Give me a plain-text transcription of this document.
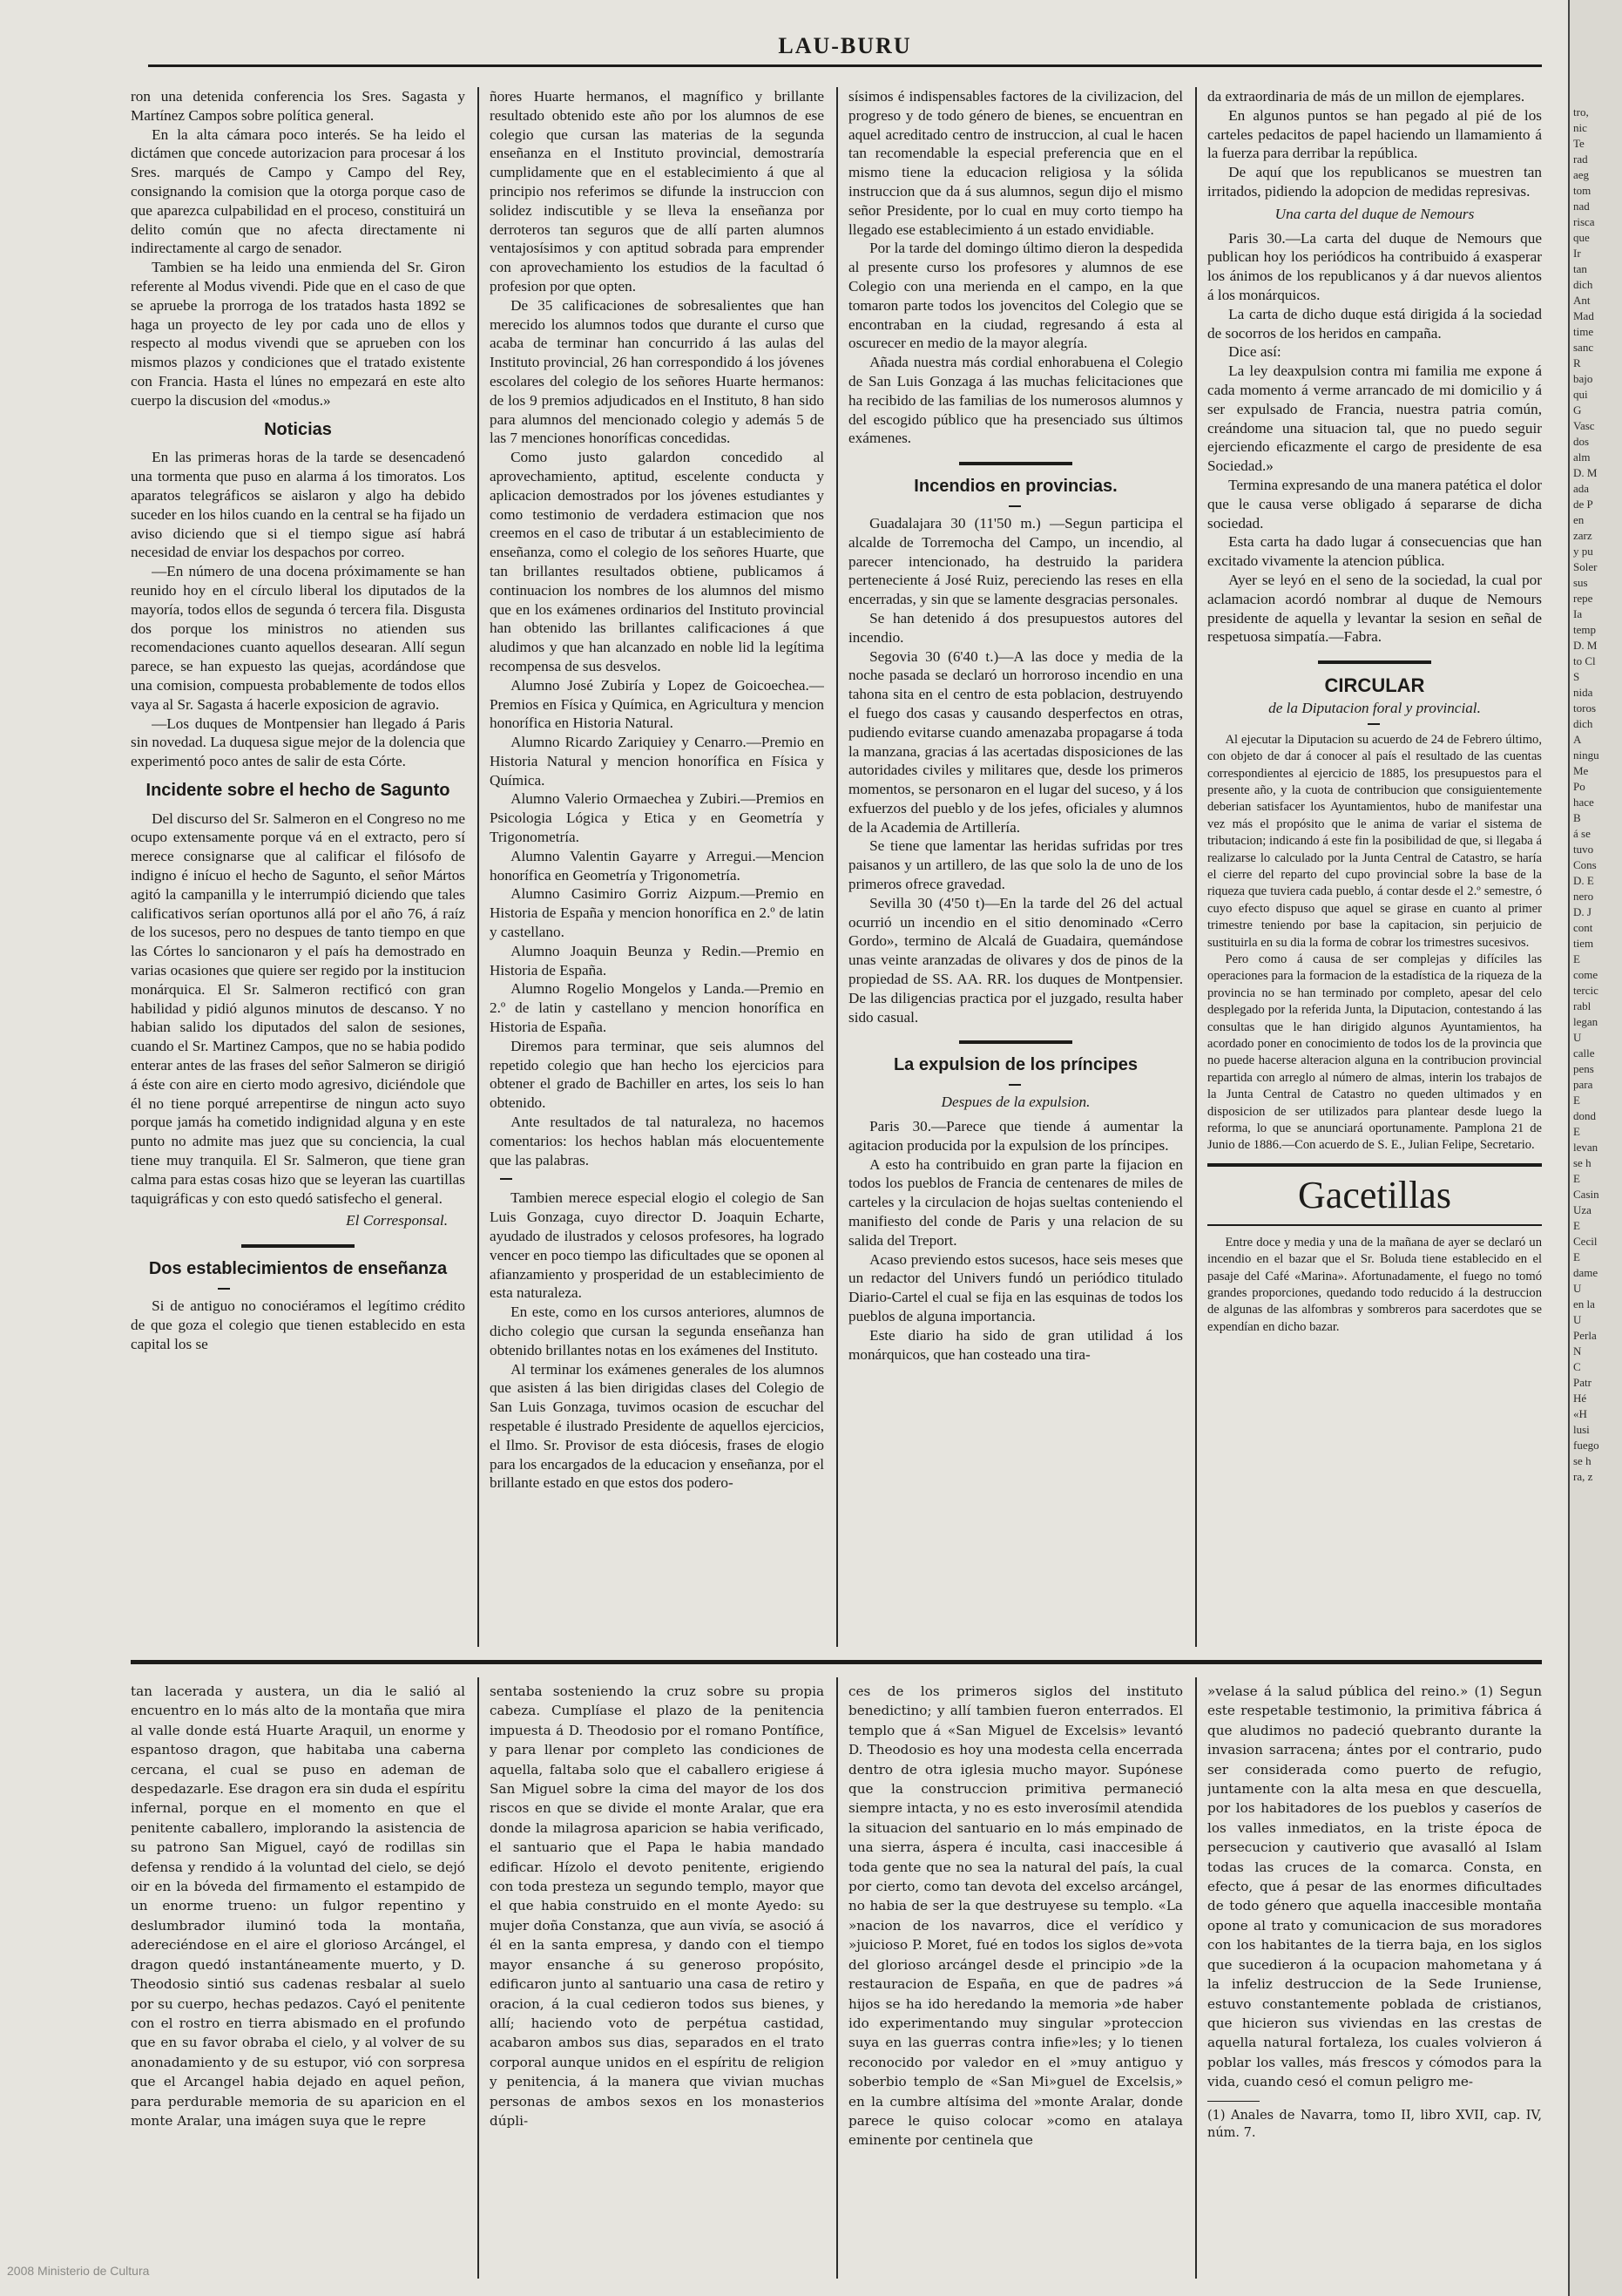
LAU-BURU

ron una detenida conferencia los Sres. Sagasta y Martínez Campos sobre política general.

En la alta cámara poco interés. Se ha leido el dictámen que concede autorizacion para procesar á los Sres. marqués de Campo y Campo del Rey, consignando la comision que la otorga porque caso de que aparezca culpabilidad en el proceso, constituirá un delito común que no afecta directamente ni indirectamente al cargo de senador.

Tambien se ha leido una enmienda del Sr. Giron referente al Modus vivendi. Pide que en el caso de que se apruebe la prorroga de los tratados hasta 1892 se haga un proyecto de ley por cada uno de ellos y respecto al modus vivendi que se aprueben con los mismos plazos y condiciones que el tratado existente con Francia. Hasta el lúnes no empezará en este alto cuerpo la discusion del «modus.»

Noticias

En las primeras horas de la tarde se desencadenó una tormenta que puso en alarma á los timoratos. Los aparatos telegráficos se aislaron y algo ha debido suceder en los hilos cuando en la central se ha fijado un aviso diciendo que si el tiempo sigue así habrá necesidad de enviar los despachos por correo.

—En número de una docena próximamente se han reunido hoy en el círculo liberal los diputados de la mayoría, todos ellos de segunda ó tercera fila. Disgusta dos porque los ministros no atienden sus recomendaciones cuanto aquellos desearan. Allí segun parece, se han expuesto las quejas, acordándose que una comision, compuesta probablemente de todos ellos vaya al Sr. Sagasta á hacerle exposicion de agravio.

—Los duques de Montpensier han llegado á Paris sin novedad. La duquesa sigue mejor de la dolencia que experimentó poco antes de salir de esta Córte.

Incidente sobre el hecho de Sagunto

Del discurso del Sr. Salmeron en el Congreso no me ocupo extensamente porque vá en el extracto, pero sí merece consignarse que al calificar el filósofo de indigno é inícuo el hecho de Sagunto, el señor Mártos agitó la campanilla y le interrumpió diciendo que tales calificativos serían oportunos allá por el año 76, á raíz de los sucesos, pero no despues de tanto tiempo en que las Córtes lo sancionaron y el país ha demostrado en varias ocasiones que quiere ser regido por la institucion monárquica. El Sr. Salmeron rectificó con gran habilidad y pidió algunos minutos de descanso. Y no habian salido los diputados del salon de sesiones, cuando el Sr. Martinez Campos, que no se habia podido enterar antes de las frases del señor Salmeron se dirigió á éste con aire en cierto modo agresivo, diciéndole que él no tiene porqué arrepentirse de ningun acto suyo porque jamás ha cometido indignidad alguna y en este punto no admite mas juez que su conciencia, la cual tiene muy tranquila. El Sr. Salmeron, que tiene gran calma para estas cosas hizo que se leyeran las cuartillas taquigráficas y con esto quedó satisfecho el general.

El Corresponsal.
Dos establecimientos de enseñanza

Si de antiguo no conociéramos el legítimo crédito de que goza el colegio que tienen establecido en esta capital los se

ñores Huarte hermanos, el magnífico y brillante resultado obtenido este año por los alumnos de ese colegio que cursan las materias de la segunda enseñanza en el Instituto provincial, demostraría cumplidamente que en el establecimiento á que al principio nos referimos se difunde la instruccion con solidez indiscutible y se lleva la enseñanza por derroteros tan seguros que de allí parten alumnos ventajosísimos y con aptitud sobrada para emprender con aprovechamiento los estudios de la facultad ó profesion por que opten.

De 35 calificaciones de sobresalientes que han merecido los alumnos todos que durante el curso que acaba de terminar han concurrido á las aulas del Instituto provincial, 26 han correspondido á los jóvenes escolares del colegio de los señores Huarte hermanos: de los 9 premios adjudicados en el Instituto, 8 han sido para alumnos del mencionado colegio y además 5 de las 7 menciones honoríficas concedidas.

Como justo galardon concedido al aprovechamiento, aptitud, escelente conducta y aplicacion demostrados por los jóvenes estudiantes y como testimonio de verdadera estimacion que nos creemos en el caso de tributar á un establecimiento de enseñanza, como el colegio de los señores Huarte, que tan brillantes resultados obtiene, publicamos á continuacion los nombres de los alumnos del mismo que en los exámenes ordinarios del Instituto provincial han obtenido las brillantes calificaciones á que aludimos y que han alcanzado en noble lid la legítima recompensa de sus desvelos.

Alumno José Zubiría y Lopez de Goicoechea.—Premios en Física y Química, en Agricultura y mencion honorífica en Historia Natural.

Alumno Ricardo Zariquiey y Cenarro.—Premio en Historia Natural y mencion honorífica en Física y Química.

Alumno Valerio Ormaechea y Zubiri.—Premios en Psicologia Lógica y Etica y en Geometría y Trigonometría.

Alumno Valentin Gayarre y Arregui.—Mencion honorífica en Geometría y Trigonometría.

Alumno Casimiro Gorriz Aizpum.—Premio en Historia de España y mencion honorífica en 2.º de latin y castellano.

Alumno Joaquin Beunza y Redin.—Premio en Historia de España.

Alumno Rogelio Mongelos y Landa.—Premio en 2.º de latin y castellano y mencion honorífica en Historia de España.

Diremos para terminar, que seis alumnos del repetido colegio que han hecho los ejercicios para obtener el grado de Bachiller en artes, los seis lo han obtenido.

Ante resultados de tal naturaleza, no hacemos comentarios: los hechos hablan más elocuentemente que las palabras.

Tambien merece especial elogio el colegio de San Luis Gonzaga, cuyo director D. Joaquin Echarte, ayudado de ilustrados y celosos profesores, ha logrado vencer en poco tiempo las dificultades que se oponen al afianzamiento y prosperidad de un establecimiento de esta naturaleza.

En este, como en los cursos anteriores, alumnos de dicho colegio que cursan la segunda enseñanza han obtenido brillantes notas en los exámenes del Instituto.

Al terminar los exámenes generales de los alumnos que asisten á las bien dirigidas clases del Colegio de San Luis Gonzaga, tuvimos ocasion de escuchar del respetable é ilustrado Presidente de aquellos ejercicios, el Ilmo. Sr. Provisor de esta diócesis, frases de elogio para los encargados de la educacion y enseñanza, por el brillante estado en que estos dos podero-

sísimos é indispensables factores de la civilizacion, del progreso y de todo género de bienes, se encuentran en aquel acreditado centro de instruccion, al cual le hacen tan recomendable la especial preferencia que en el mismo tiene la educacion religiosa y la sólida instruccion que da á sus alumnos, segun dijo el mismo señor Presidente, por lo cual en muy corto tiempo ha llegado ese establecimiento á un estado envidiable.

Por la tarde del domingo último dieron la despedida al presente curso los profesores y alumnos de ese Colegio con una merienda en el campo, en la que tomaron parte todos los jovencitos del Colegio que se encontraban en la ciudad, regresando á esta al oscurecer en medio de la mayor alegría.

Añada nuestra más cordial enhorabuena el Colegio de San Luis Gonzaga á las muchas felicitaciones que ha recibido de las familias de los numerosos alumnos y del escogido público que ha presenciado sus últimos exámenes.

Incendios en provincias.

Guadalajara 30 (11'50 m.) —Segun participa el alcalde de Torremocha del Campo, un incendio, al parecer intencionado, ha destruido la paridera perteneciente á José Ruiz, pereciendo las reses en ella encerradas, y sin que se lamente desgracias personales.

Se han detenido á dos presupuestos autores del incendio.

Segovia 30 (6'40 t.)—A las doce y media de la noche pasada se declaró un horroroso incendio en una tahona sita en el centro de esta poblacion, destruyendo el fuego dos casas y causando desperfectos en otras, pudiendo evitarse cuando amenazaba propagarse á toda la manzana, gracias á las acertadas disposiciones de las autoridades civiles y militares que, desde los primeros momentos, se personaron en el lugar del suceso, y á los exfuerzos del pueblo y de los jefes, oficiales y alumnos de la Academia de Artillería.

Se tiene que lamentar las heridas sufridas por tres paisanos y un artillero, de las que solo la de uno de los primeros ofrece gravedad.

Sevilla 30 (4'50 t)—En la tarde del 26 del actual ocurrió un incendio en el sitio denominado «Cerro Gordo», termino de Alcalá de Guadaira, quemándose unas veinte aranzadas de olivares y dos de pinos de la propiedad de SS. AA. RR. los duques de Montpensier. De las diligencias practica por el juzgado, resulta haber sido casual.

La expulsion de los príncipes
Despues de la expulsion.

Paris 30.—Parece que tiende á aumentar la agitacion producida por la expulsion de los príncipes.

A esto ha contribuido en gran parte la fijacion en todos los pueblos de Francia de centenares de miles de carteles y la circulacion de hojas sueltas conteniendo el manifiesto del conde de Paris y una relacion de su salida del Treport.

Acaso previendo estos sucesos, hace seis meses que un redactor del Univers fundó un periódico titulado Diario-Cartel el cual se fija en las esquinas de todos los pueblos de alguna importancia.

Este diario ha sido de gran utilidad á los monárquicos, que han costeado una tira-

da extraordinaria de más de un millon de ejemplares.

En algunos puntos se han pegado al pié de los carteles pedacitos de papel haciendo un llamamiento á la fuerza para derribar la república.

De aquí que los republicanos se muestren tan irritados, pidiendo la adopcion de medidas represivas.

Una carta del duque de Nemours

Paris 30.—La carta del duque de Nemours que publican hoy los periódicos ha contribuido á exasperar los ánimos de los republicanos y á dar nuevos alientos á los monárquicos.

La carta de dicho duque está dirigida á la sociedad de socorros de los heridos en campaña.

Dice así:

La ley deaxpulsion contra mi familia me expone á cada momento á verme arrancado de mi domicilio y á ser expulsado de Francia, nuestra patria común, creándome una situacion tal, que no puedo seguir ejerciendo eficazmente el cargo de presidente de esa Sociedad.»

Termina expresando de una manera patética el dolor que le causa verse obligado á separarse de dicha sociedad.

Esta carta ha dado lugar á consecuencias que han excitado vivamente la atencion pública.

Ayer se leyó en el seno de la sociedad, la cual por aclamacion acordó nombrar al duque de Nemours presidente de aquella y levantar la sesion en señal de respetuosa simpatía.—Fabra.

CIRCULAR
de la Diputacion foral y provincial.

Al ejecutar la Diputacion su acuerdo de 24 de Febrero último, con objeto de dar á conocer al país el resultado de las cuentas correspondientes al ejercicio de 1885, los presupuestos para el presente año, y la cuota de contribucion que consiguientemente deberian satisfacer los Ayuntamientos, hubo de manifestar una vez más el propósito que le anima de variar el sistema de tributacion; indicando á este fin la posibilidad de que, si llegaba á realizarse lo calculado por la Junta Central de Catastro, se haría el cierre del reparto del cupo provincial sobre la base de la riqueza que tuviera cada pueblo, á contar desde el 2.º semestre, ó cuyo efecto dispuso que aquel se girase en cuanto al primer trimestre teniendo por base la capitacion, sin perjuicio de sustituirla en su dia la forma de cobrar los trimestres sucesivos.

Pero como á causa de ser complejas y difíciles las operaciones para la formacion de la estadística de la riqueza de la provincia no se han terminado por completo, apesar del celo desplegado por la referida Junta, la Diputacion, contestando á las consultas que le han dirigido algunos Ayuntamientos, ha acordado poner en conocimiento de todos los de la provincia que no puede hacerse alteracion alguna en la contribucion provincial repartida con arreglo al número de almas, interin los trabajos de la Junta Central de Catastro no queden ultimados y en disposicion de ser utilizados para plantear desde luego la reforma, lo que se anunciará oportunamente. Pamplona 21 de Junio de 1886.—Con acuerdo de S. E., Julian Felipe, Secretario.

Gacetillas

Entre doce y media y una de la mañana de ayer se declaró un incendio en el bazar que el Sr. Boluda tiene establecido en el pasaje del Café «Marina». Afortunadamente, el fuego no tomó grandes proporciones, quedando todo reducido á la destruccion de algunas de las alfombras y sombreros para sacerdotes que se expendían en dicho bazar.

tan lacerada y austera, un dia le salió al encuentro en lo más alto de la montaña que mira al valle donde está Huarte Araquil, un enorme y espantoso dragon, que habitaba una caberna cercana, el cual se puso en ademan de despedazarle. Ese dragon era sin duda el espíritu infernal, porque en el momento en que el penitente caballero, implorando la asistencia de su patrono San Miguel, cayó de rodillas sin defensa y rendido á la voluntad del cielo, se dejó oir en la bóveda del firmamento el estampido de un enorme trueno: un fulgor repentino y deslumbrador iluminó toda la montaña, adereciéndose en el aire el glorioso Arcángel, el dragon quedó instantáneamente muerto, y D. Theodosio sintió sus cadenas resbalar al suelo por su cuerpo, hechas pedazos. Cayó el penitente con el rostro en tierra abismado en el profundo que en su favor obraba el cielo, y al volver de su anonadamiento y de su estupor, vió con sorpresa que el Arcangel habia dejado en aquel peñon, para perdurable memoria de su aparicion en el monte Aralar, una imágen suya que le repre

sentaba sosteniendo la cruz sobre su propia cabeza. Cumplíase el plazo de la penitencia impuesta á D. Theodosio por el romano Pontífice, y para llenar por completo las condiciones de aquella, faltaba solo que el caballero erigiese á San Miguel sobre la cima del mayor de los dos riscos en que se divide el monte Aralar, que era donde la milagrosa aparicion se habia verificado, el santuario que el Papa le habia mandado edificar. Hízolo el devoto penitente, erigiendo con toda presteza un segundo templo, mayor que el que habia construido en el monte Ayedo: su mujer doña Constanza, que aun vivía, se asoció á él en la santa empresa, y dando con el tiempo mayor ensanche á su generoso propósito, edificaron junto al santuario una casa de retiro y oracion, á la cual cedieron todos sus bienes, y allí; haciendo voto de perpétua castidad, acabaron ambos sus dias, separados en el trato corporal aunque unidos en el espíritu de religion y penitencia, á la manera que vivian muchas personas de ambos sexos en los monasterios dúpli-

ces de los primeros siglos del instituto benedictino; y allí tambien fueron enterrados. El templo que á «San Miguel de Excelsis» levantó D. Theodosio es hoy una modesta cella encerrada dentro de otra iglesia mucho mayor. Supónese que la construccion primitiva permaneció siempre intacta, y no es esto inverosímil atendida la situacion del santuario en lo más empinado de una sierra, áspera é inculta, casi inaccesible á toda gente que no sea la natural del país, la cual por cierto, como tan devota del excelso arcángel, no habia de ser la que destruyese su templo. «La »nacion de los navarros, dice el verídico y »juicioso P. Moret, fué en todos los siglos de»vota del glorioso arcángel desde el principio »de la restauracion de España, en que de padres »á hijos se ha ido heredando la memoria »de haber ido experimentando muy singular »proteccion suya en las guerras contra infie»les; y lo tienen reconocido por valedor en el »muy antiguo y soberbio templo de «San Mi»guel de Excelsis,» en la cumbre altísima del »monte Aralar, donde parece le quiso colocar »como en atalaya eminente por centinela que

»velase á la salud pública del reino.» (1) Segun este respetable testimonio, la primitiva fábrica á que aludimos no padeció quebranto durante la invasion sarracena; ántes por el contrario, pudo ser considerada como puerto de refugio, juntamente con la alta mesa en que descuella, por los habitadores de los pueblos y caseríos de los valles inmediatos, en la triste época de persecucion y cautiverio que avasalló al Islam todas las cruces de la comarca. Consta, en efecto, que á pesar de las enormes dificultades de todo género que aquella inaccesible montaña opone al trato y comunicacion de sus moradores con los habitantes de la tierra baja, en los siglos que sucedieron á la ocupacion mahometana y á la infeliz destruccion de la Sede Iruniense, estuvo constantemente poblada de cristianos, que hicieron sus viviendas en las crestas de aquella natural fortaleza, los cuales volvieron á poblar los valles, más frescos y cómodos para la vida, cuando cesó el comun peligro me-

(1) Anales de Navarra, tomo II, libro XVII, cap. IV, núm. 7.

2008 Ministerio de Cultura
tro,
nic
Te
rad
aeg
tom
nad
risca
que
Ir
tan
dich
Ant
Mad
time
sanc
R
bajo
qui
G
Vasc
dos
alm
D. M
ada
de P
en
zarz
y pu
Soler
sus
repe
Ia
temp
D. M
to Cl
S
nida
toros
dich
A
ningu
Me
Po
hace
B
á se
tuvo
Cons
D. E
nero
D. J
cont
tiem
E
come
tercic
rabl
legan
U
calle
pens
para
E
dond
E
levan
se h
E
Casin
Uza
E
Cecil
E
dame
U
en la
U
Perla
N
C
Patr
Hé
«H
lusi
fuego
se h
ra, z
